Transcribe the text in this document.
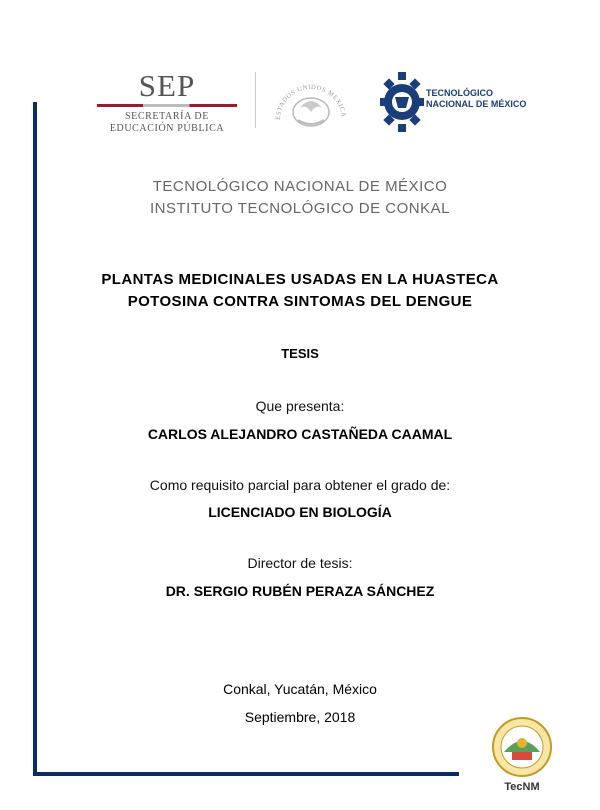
SEP
SECRETARÍA DE
EDUCACIÓN PÚBLICA
ESTADOS UNIDOS MEXICA
TECNOLÓGICO
NACIONAL DE MÉXICO
TECNOLÓGICO NACIONAL DE MÉXICO
INSTITUTO TECNOLÓGICO DE CONKAL
PLANTAS MEDICINALES USADAS EN LA HUASTECA
POTOSINA CONTRA SINTOMAS DEL DENGUE
TESIS
Que presenta:
CARLOS ALEJANDRO CASTAÑEDA CAAMAL
Como requisito parcial para obtener el grado de:
LICENCIADO EN BIOLOGÍA
Director de tesis:
DR. SERGIO RUBÉN PERAZA SÁNCHEZ
Conkal, Yucatán, México
Septiembre, 2018
TecNM
